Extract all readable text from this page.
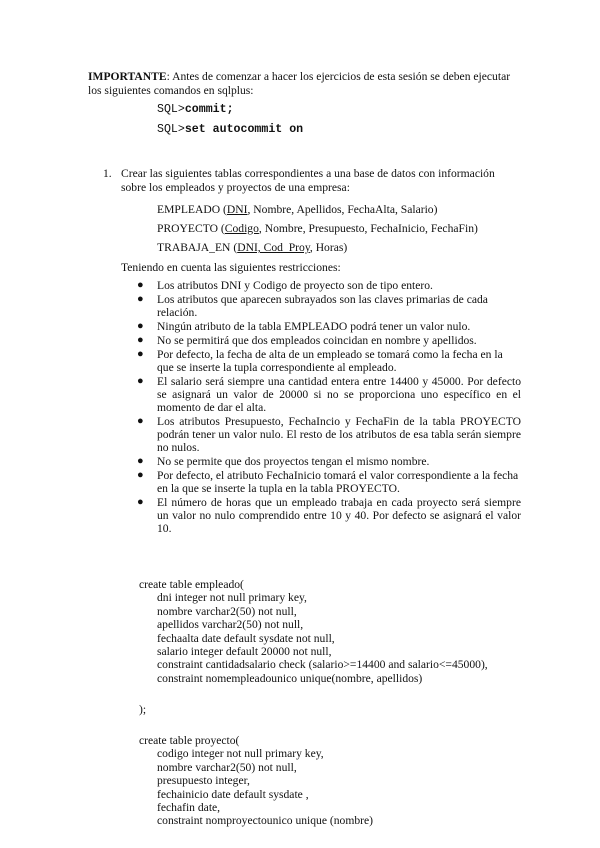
IMPORTANTE: Antes de comenzar a hacer los ejercicios de esta sesión se deben ejecutar los siguientes comandos en sqlplus:
SQL>commit;
SQL>set autocommit on
1. Crear las siguientes tablas correspondientes a una base de datos con información sobre los empleados y proyectos de una empresa:
EMPLEADO (DNI, Nombre, Apellidos, FechaAlta, Salario)
PROYECTO (Codigo, Nombre, Presupuesto, FechaInicio, FechaFin)
TRABAJA_EN (DNI, Cod_Proy, Horas)
Teniendo en cuenta las siguientes restricciones:
● Los atributos DNI y Codigo de proyecto son de tipo entero.
● Los atributos que aparecen subrayados son las claves primarias de cada relación.
● Ningún atributo de la tabla EMPLEADO podrá tener un valor nulo.
● No se permitirá que dos empleados coincidan en nombre y apellidos.
● Por defecto, la fecha de alta de un empleado se tomará como la fecha en la que se inserte la tupla correspondiente al empleado.
● El salario será siempre una cantidad entera entre 14400 y 45000. Por defecto se asignará un valor de 20000 si no se proporciona uno específico en el momento de dar el alta.
● Los atributos Presupuesto, FechaIncio y FechaFin de la tabla PROYECTO podrán tener un valor nulo. El resto de los atributos de esa tabla serán siempre no nulos.
● No se permite que dos proyectos tengan el mismo nombre.
● Por defecto, el atributo FechaInicio tomará el valor correspondiente a la fecha en la que se inserte la tupla en la tabla PROYECTO.
● El número de horas que un empleado trabaja en cada proyecto será siempre un valor no nulo comprendido entre 10 y 40. Por defecto se asignará el valor 10.
create table empleado(
dni integer not null primary key,
nombre varchar2(50) not null,
apellidos varchar2(50) not null,
fechaalta date default sysdate not null,
salario integer default 20000 not null,
constraint cantidadsalario check (salario>=14400 and salario<=45000),
constraint nomempleadounico unique(nombre, apellidos)
);
create table proyecto(
codigo integer not null primary key,
nombre varchar2(50) not null,
presupuesto integer,
fechainicio date default sysdate ,
fechafin date,
constraint nomproyectounico unique (nombre)
